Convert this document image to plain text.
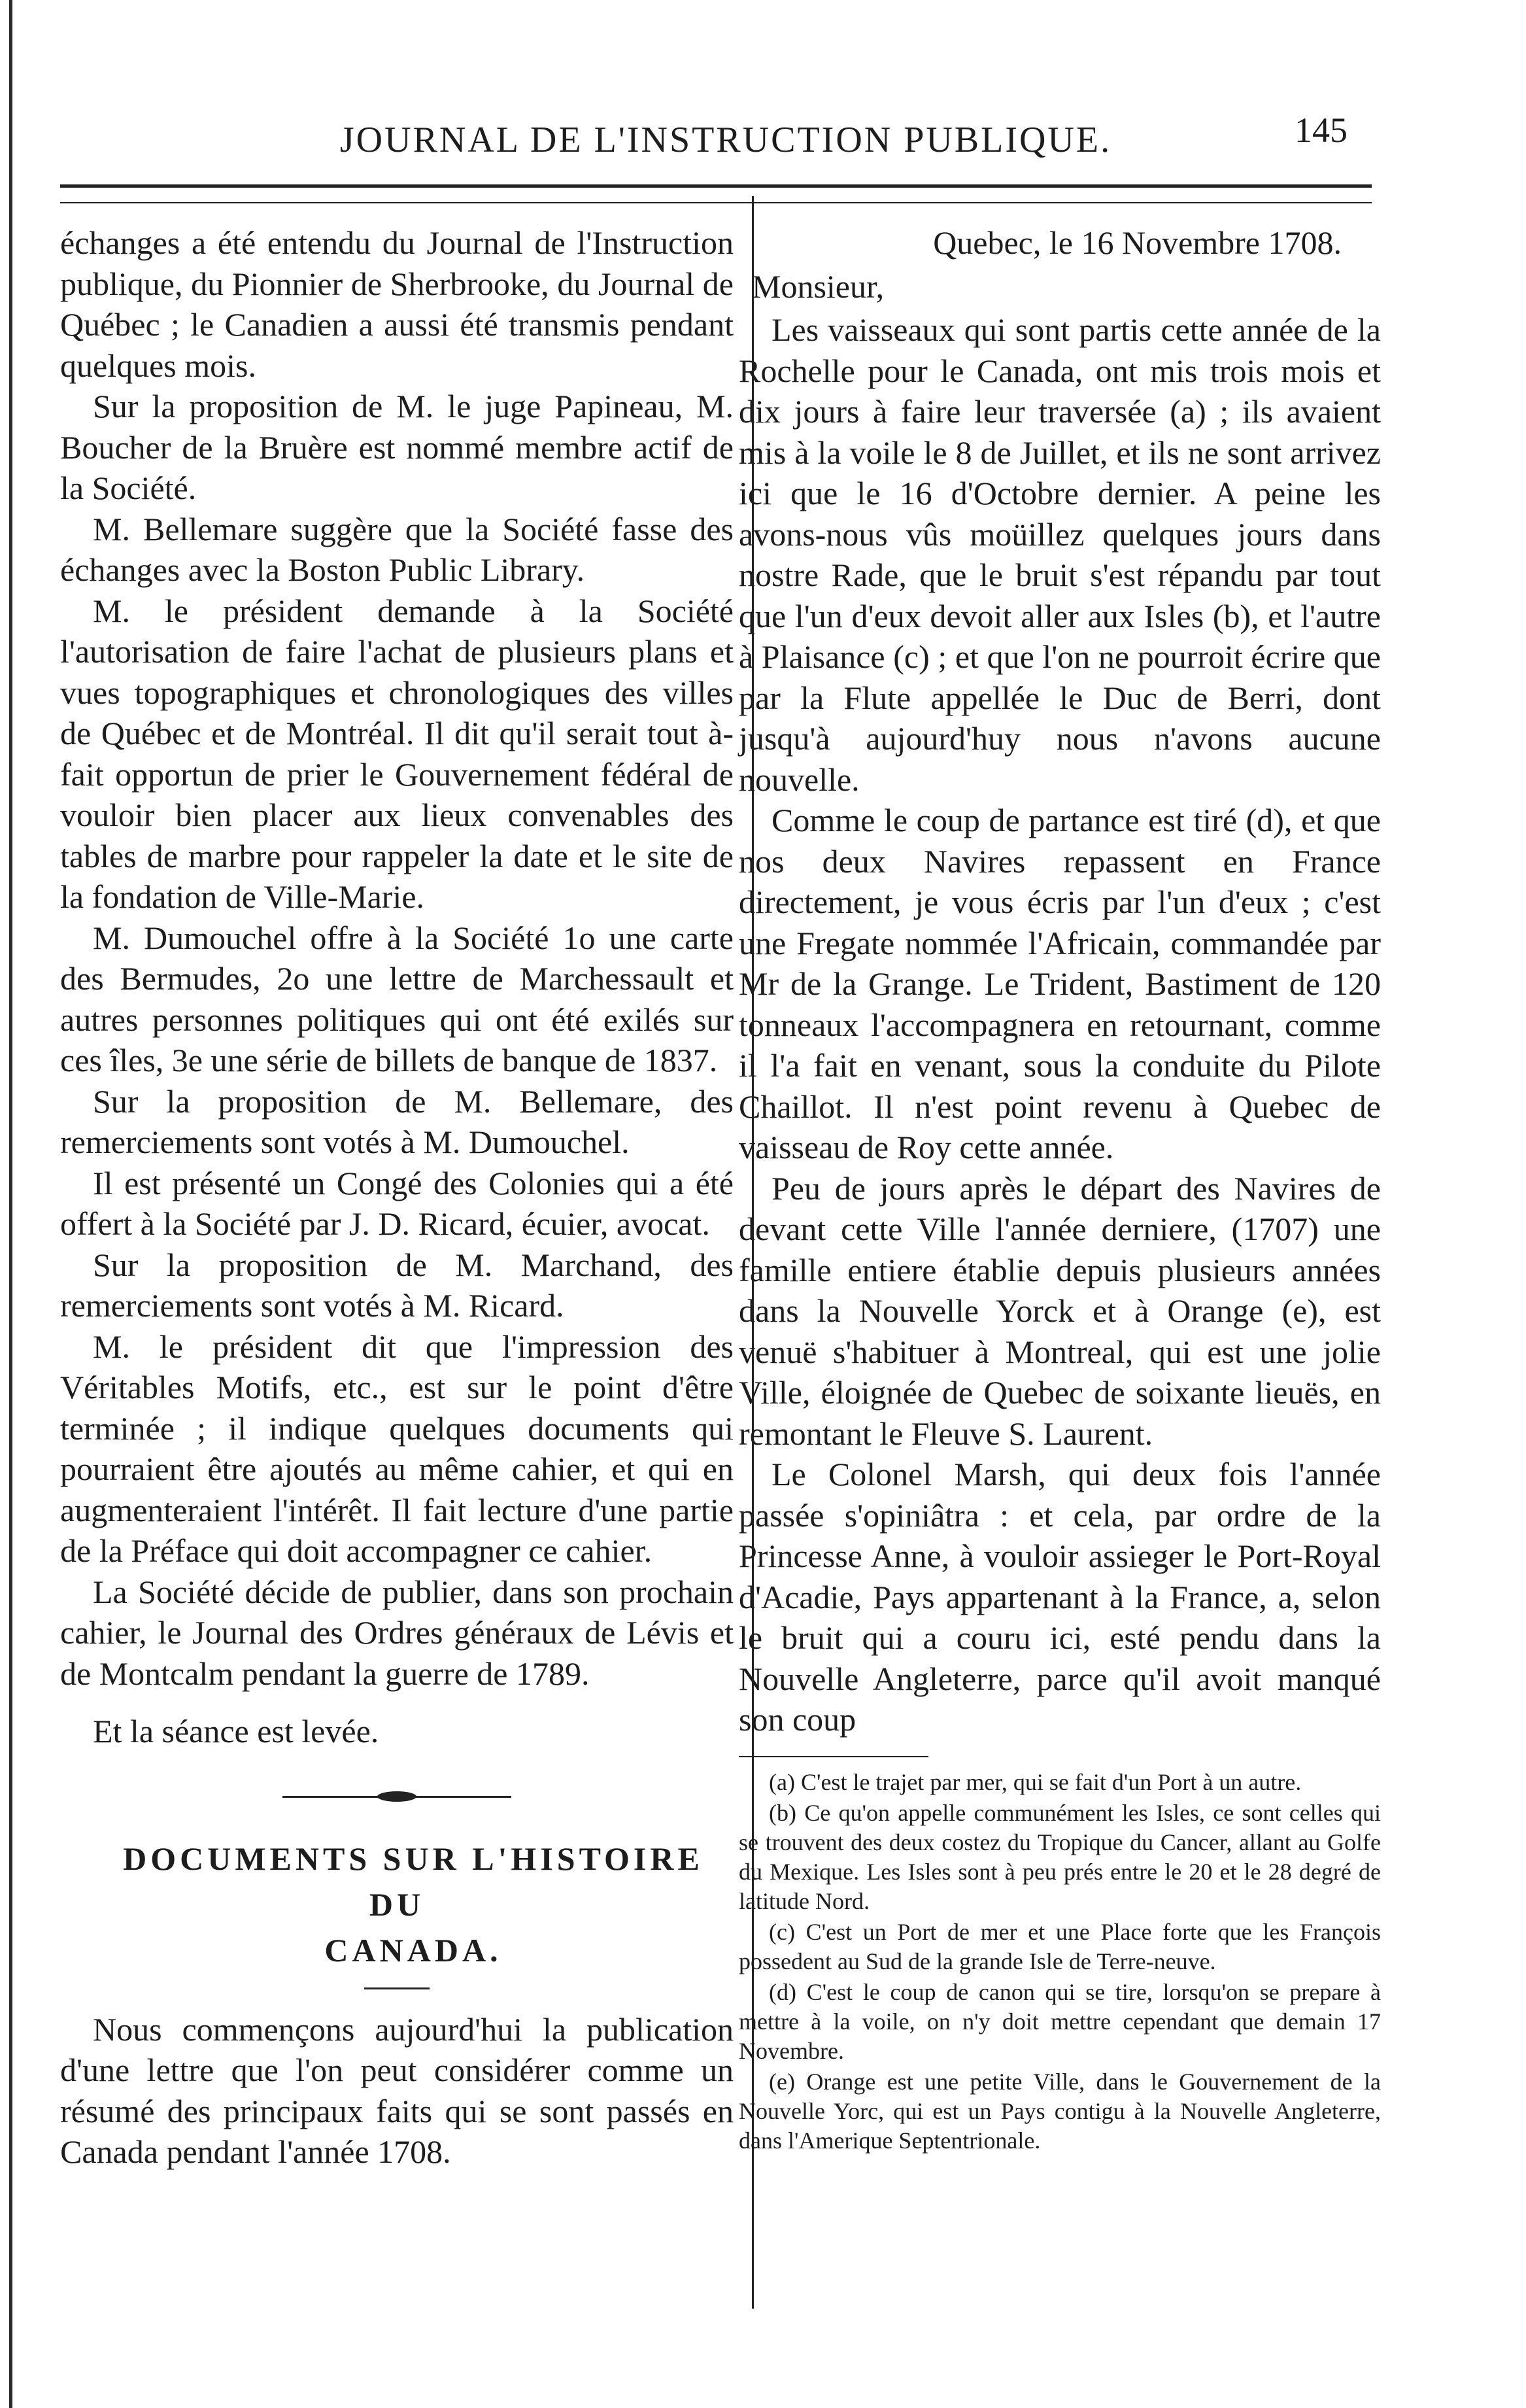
JOURNAL DE L'INSTRUCTION PUBLIQUE.	145

échanges a été entendu du Journal de l'Instruction publique, du Pionnier de Sherbrooke, du Journal de Québec ; le Canadien a aussi été transmis pendant quelques mois.

Sur la proposition de M. le juge Papineau, M. Boucher de la Bruère est nommé membre actif de la Société.

M. Bellemare suggère que la Société fasse des échanges avec la Boston Public Library.

M. le président demande à la Société l'autorisation de faire l'achat de plusieurs plans et vues topographiques et chronologiques des villes de Québec et de Montréal. Il dit qu'il serait tout à-fait opportun de prier le Gouvernement fédéral de vouloir bien placer aux lieux convenables des tables de marbre pour rappeler la date et le site de la fondation de Ville-Marie.

M. Dumouchel offre à la Société 1o une carte des Bermudes, 2o une lettre de Marchessault et autres personnes politiques qui ont été exilés sur ces îles, 3e une série de billets de banque de 1837.

Sur la proposition de M. Bellemare, des remerciements sont votés à M. Dumouchel.

Il est présenté un Congé des Colonies qui a été offert à la Société par J. D. Ricard, écuier, avocat.

Sur la proposition de M. Marchand, des remerciements sont votés à M. Ricard.

M. le président dit que l'impression des Véritables Motifs, etc., est sur le point d'être terminée ; il indique quelques documents qui pourraient être ajoutés au même cahier, et qui en augmenteraient l'intérêt. Il fait lecture d'une partie de la Préface qui doit accompagner ce cahier.

La Société décide de publier, dans son prochain cahier, le Journal des Ordres généraux de Lévis et de Montcalm pendant la guerre de 1789.

Et la séance est levée.

DOCUMENTS SUR L'HISTOIRE DU

CANADA.

Nous commençons aujourd'hui la publication d'une lettre que l'on peut considérer comme un résumé des principaux faits qui se sont passés en Canada pendant l'année 1708.

Quebec, le 16 Novembre 1708.

Monsieur,

Les vaisseaux qui sont partis cette année de la Rochelle pour le Canada, ont mis trois mois et dix jours à faire leur traversée (a) ; ils avaient mis à la voile le 8 de Juillet, et ils ne sont arrivez ici que le 16 d'Octobre dernier. A peine les avons-nous vûs moüillez quelques jours dans nostre Rade, que le bruit s'est répandu par tout que l'un d'eux devoit aller aux Isles (b), et l'autre à Plaisance (c) ; et que l'on ne pourroit écrire que par la Flute appellée le Duc de Berri, dont jusqu'à aujourd'huy nous n'avons aucune nouvelle.

Comme le coup de partance est tiré (d), et que nos deux Navires repassent en France directement, je vous écris par l'un d'eux ; c'est une Fregate nommée l'Africain, commandée par Mr de la Grange. Le Trident, Bastiment de 120 tonneaux l'accompagnera en retournant, comme il l'a fait en venant, sous la conduite du Pilote Chaillot. Il n'est point revenu à Quebec de vaisseau de Roy cette année.

Peu de jours après le départ des Navires de devant cette Ville l'année derniere, (1707) une famille entiere établie depuis plusieurs années dans la Nouvelle Yorck et à Orange (e), est venuë s'habituer à Montreal, qui est une jolie Ville, éloignée de Quebec de soixante lieuës, en remontant le Fleuve S. Laurent.

Le Colonel Marsh, qui deux fois l'année passée s'opiniâtra : et cela, par ordre de la Princesse Anne, à vouloir assieger le Port-Royal d'Acadie, Pays appartenant à la France, a, selon le bruit qui a couru ici, esté pendu dans la Nouvelle Angleterre, parce qu'il avoit manqué son coup

(a) C'est le trajet par mer, qui se fait d'un Port à un autre.

(b) Ce qu'on appelle communément les Isles, ce sont celles qui se trouvent des deux costez du Tropique du Cancer, allant au Golfe du Mexique. Les Isles sont à peu prés entre le 20 et le 28 degré de latitude Nord.

(c) C'est un Port de mer et une Place forte que les François possedent au Sud de la grande Isle de Terre-neuve.

(d) C'est le coup de canon qui se tire, lorsqu'on se prepare à mettre à la voile, on n'y doit mettre cependant que demain 17 Novembre.

(e) Orange est une petite Ville, dans le Gouvernement de la Nouvelle Yorc, qui est un Pays contigu à la Nouvelle Angleterre, dans l'Amerique Septentrionale.
